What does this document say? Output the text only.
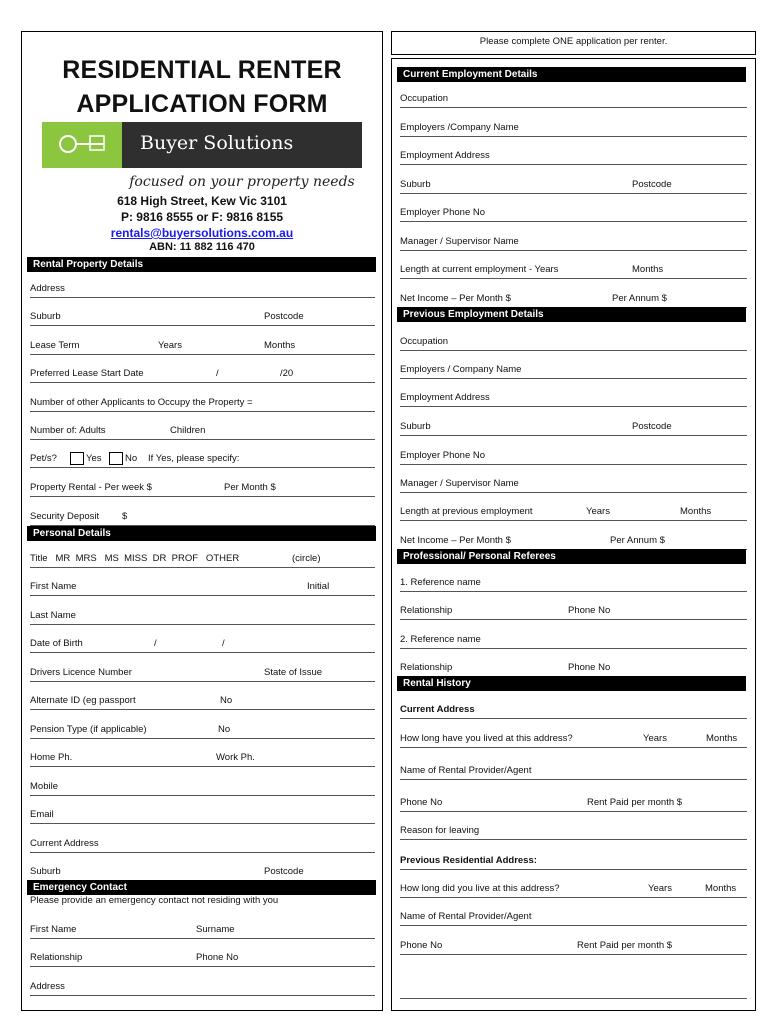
RESIDENTIAL RENTER
APPLICATION FORM
Buyer Solutions
focused on your property needs
618 High Street, Kew Vic 3101
P: 9816 8555 or F: 9816 8155
rentals@buyersolutions.com.au
ABN: 11 882 116 470
Rental Property Details
Address
Suburb	Postcode
Lease Term	Years	Months
Preferred Lease Start Date	/	/20
Number of other Applicants to Occupy the Property =
Number of: Adults	Children
Pet/s?	Yes No If Yes, please specify:
Property Rental - Per week $	Per Month $
Security Deposit $
Personal Details
Title   MR  MRS   MS  MISS  DR  PROF   OTHER	(circle)
First Name	Initial
Last Name
Date of Birth	/	/
Drivers Licence Number	State of Issue
Alternate ID (eg passport	No
Pension Type (if applicable)	No
Home Ph.	Work Ph.
Mobile
Email
Current Address
Suburb	Postcode
Emergency Contact
Please provide an emergency contact not residing with you
First Name	Surname
Relationship	Phone No
Address
Please complete ONE application per renter.
Current Employment Details
Occupation
Employers /Company Name
Employment Address
Suburb	Postcode
Employer Phone No
Manager / Supervisor Name
Length at current employment - Years	Months
Net Income – Per Month $	Per Annum $
Previous Employment Details
Occupation
Employers / Company Name
Employment Address
Suburb	Postcode
Employer Phone No
Manager / Supervisor Name
Length at previous employment	Years	Months
Net Income – Per Month $	Per Annum $
Professional/ Personal Referees
1. Reference name
Relationship	Phone No
2. Reference name
Relationship	Phone No
Rental History
Current Address
How long have you lived at this address?	Years	Months
Name of Rental Provider/Agent
Phone No	Rent Paid per month $
Reason for leaving
Previous Residential Address:
How long did you live at this address?	Years	Months
Name of Rental Provider/Agent
Phone No	Rent Paid per month $
